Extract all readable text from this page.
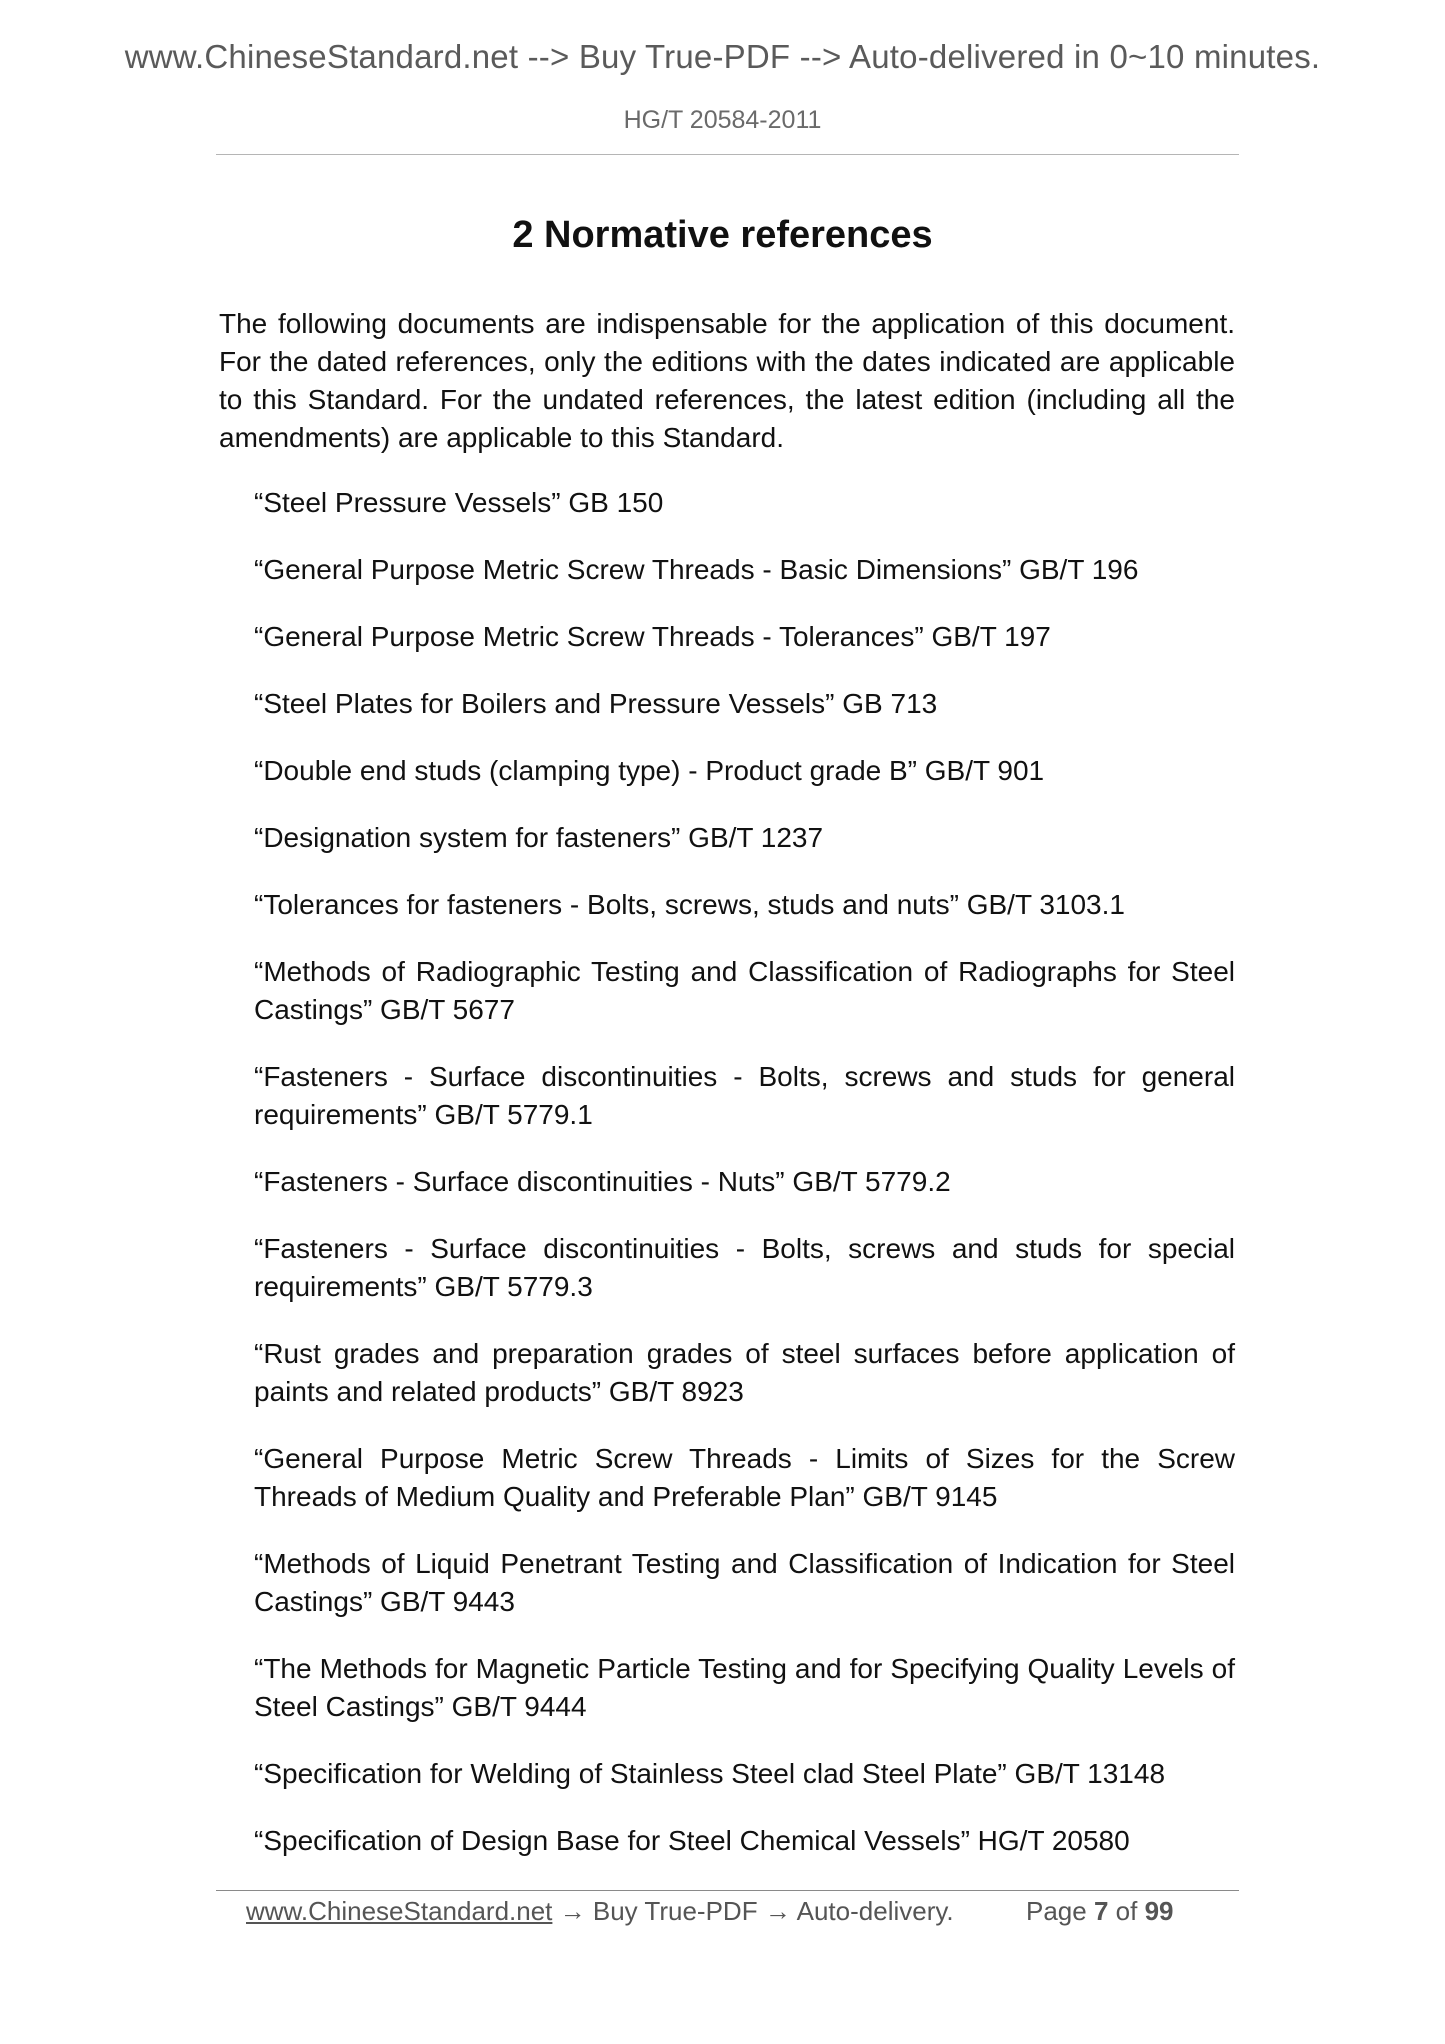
www.ChineseStandard.net --> Buy True-PDF --> Auto-delivered in 0~10 minutes.
HG/T 20584-2011
2 Normative references

The following documents are indispensable for the application of this document. For the dated references, only the editions with the dates indicated are applicable to this Standard. For the undated references, the latest edition (including all the amendments) are applicable to this Standard.

“Steel Pressure Vessels” GB 150
“General Purpose Metric Screw Threads - Basic Dimensions” GB/T 196
“General Purpose Metric Screw Threads - Tolerances” GB/T 197
“Steel Plates for Boilers and Pressure Vessels” GB 713
“Double end studs (clamping type) - Product grade B” GB/T 901
“Designation system for fasteners” GB/T 1237
“Tolerances for fasteners - Bolts, screws, studs and nuts” GB/T 3103.1
“Methods of Radiographic Testing and Classification of Radiographs for Steel Castings” GB/T 5677
“Fasteners - Surface discontinuities - Bolts, screws and studs for general requirements” GB/T 5779.1
“Fasteners - Surface discontinuities - Nuts” GB/T 5779.2
“Fasteners - Surface discontinuities - Bolts, screws and studs for special requirements” GB/T 5779.3
“Rust grades and preparation grades of steel surfaces before application of paints and related products” GB/T 8923
“General Purpose Metric Screw Threads - Limits of Sizes for the Screw Threads of Medium Quality and Preferable Plan” GB/T 9145
“Methods of Liquid Penetrant Testing and Classification of Indication for Steel Castings” GB/T 9443
“The Methods for Magnetic Particle Testing and for Specifying Quality Levels of Steel Castings” GB/T 9444
“Specification for Welding of Stainless Steel clad Steel Plate” GB/T 13148
“Specification of Design Base for Steel Chemical Vessels” HG/T 20580
www.ChineseStandard.net → Buy True-PDF → Auto-delivery.	Page 7 of 99
